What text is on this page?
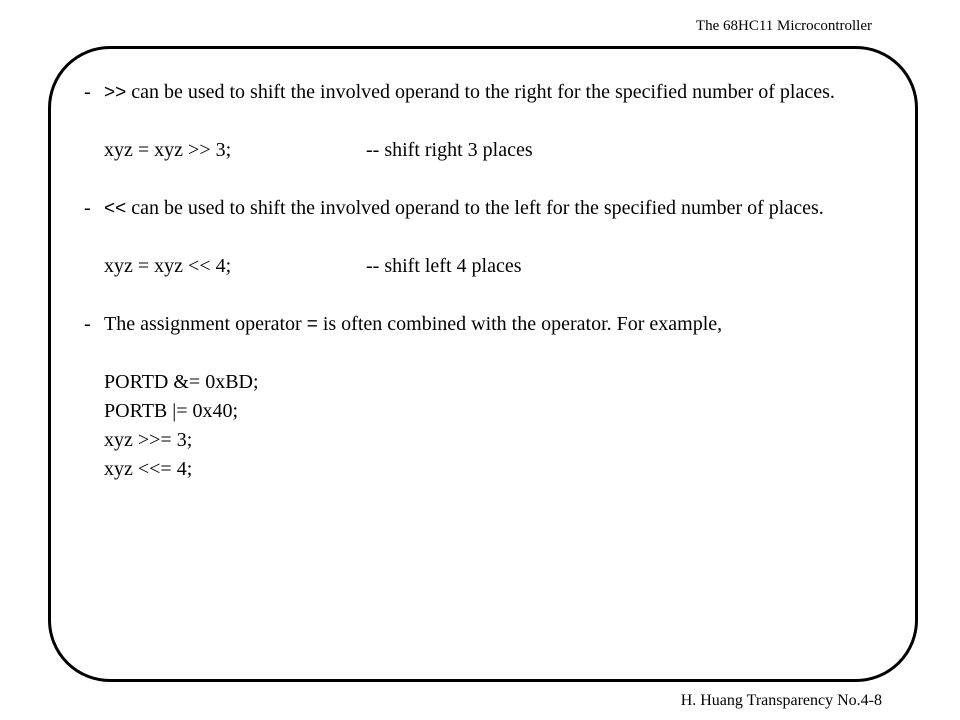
The 68HC11 Microcontroller
- >> can be used to shift the involved operand to the right for the specified number of places.
xyz = xyz >> 3;	-- shift right 3 places
- << can be used to shift the involved operand to the left for the specified number of places.
xyz = xyz << 4;	-- shift left 4 places
- The assignment operator = is often combined with the operator. For example,
PORTD &= 0xBD;
PORTB |= 0x40;
xyz >>= 3;
xyz <<= 4;
H. Huang Transparency No.4-8
